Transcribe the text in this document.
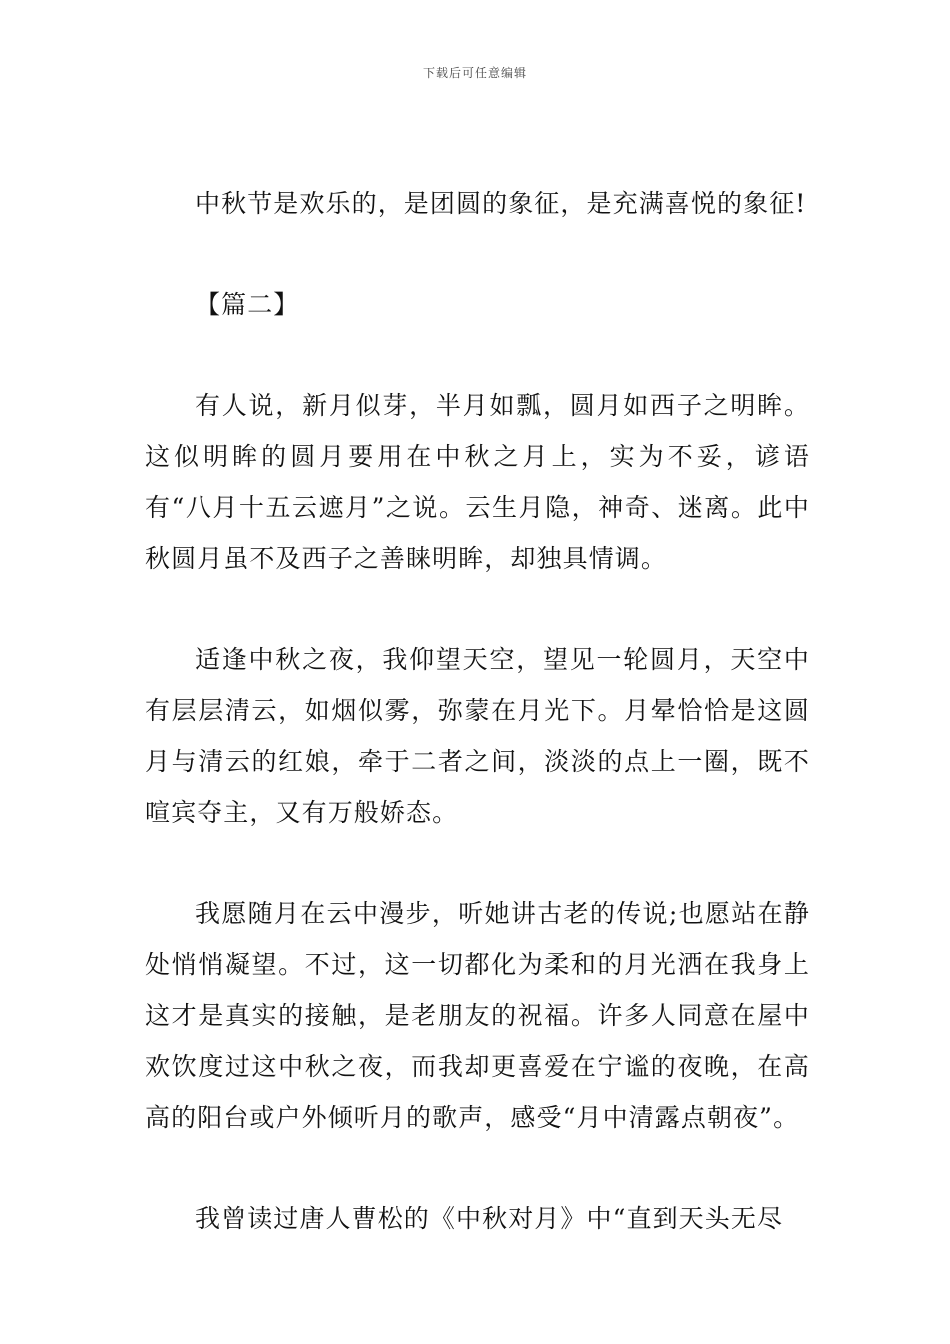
下载后可任意编辑

中秋节是欢乐的，是团圆的象征，是充满喜悦的象征!

【篇二】

有人说，新月似芽，半月如瓢，圆月如西子之明眸。这似明眸的圆月要用在中秋之月上，实为不妥，谚语有“八月十五云遮月”之说。云生月隐，神奇、迷离。此中秋圆月虽不及西子之善睐明眸，却独具情调。

适逢中秋之夜，我仰望天空，望见一轮圆月，天空中有层层清云，如烟似雾，弥蒙在月光下。月晕恰恰是这圆月与清云的红娘，牵于二者之间，淡淡的点上一圈，既不喧宾夺主，又有万般娇态。

我愿随月在云中漫步，听她讲古老的传说;也愿站在静处悄悄凝望。不过，这一切都化为柔和的月光洒在我身上这才是真实的接触，是老朋友的祝福。许多人同意在屋中欢饮度过这中秋之夜，而我却更喜爱在宁谧的夜晚，在高高的阳台或户外倾听月的歌声，感受“月中清露点朝夜”。

我曾读过唐人曹松的《中秋对月》中“直到天头无尽
